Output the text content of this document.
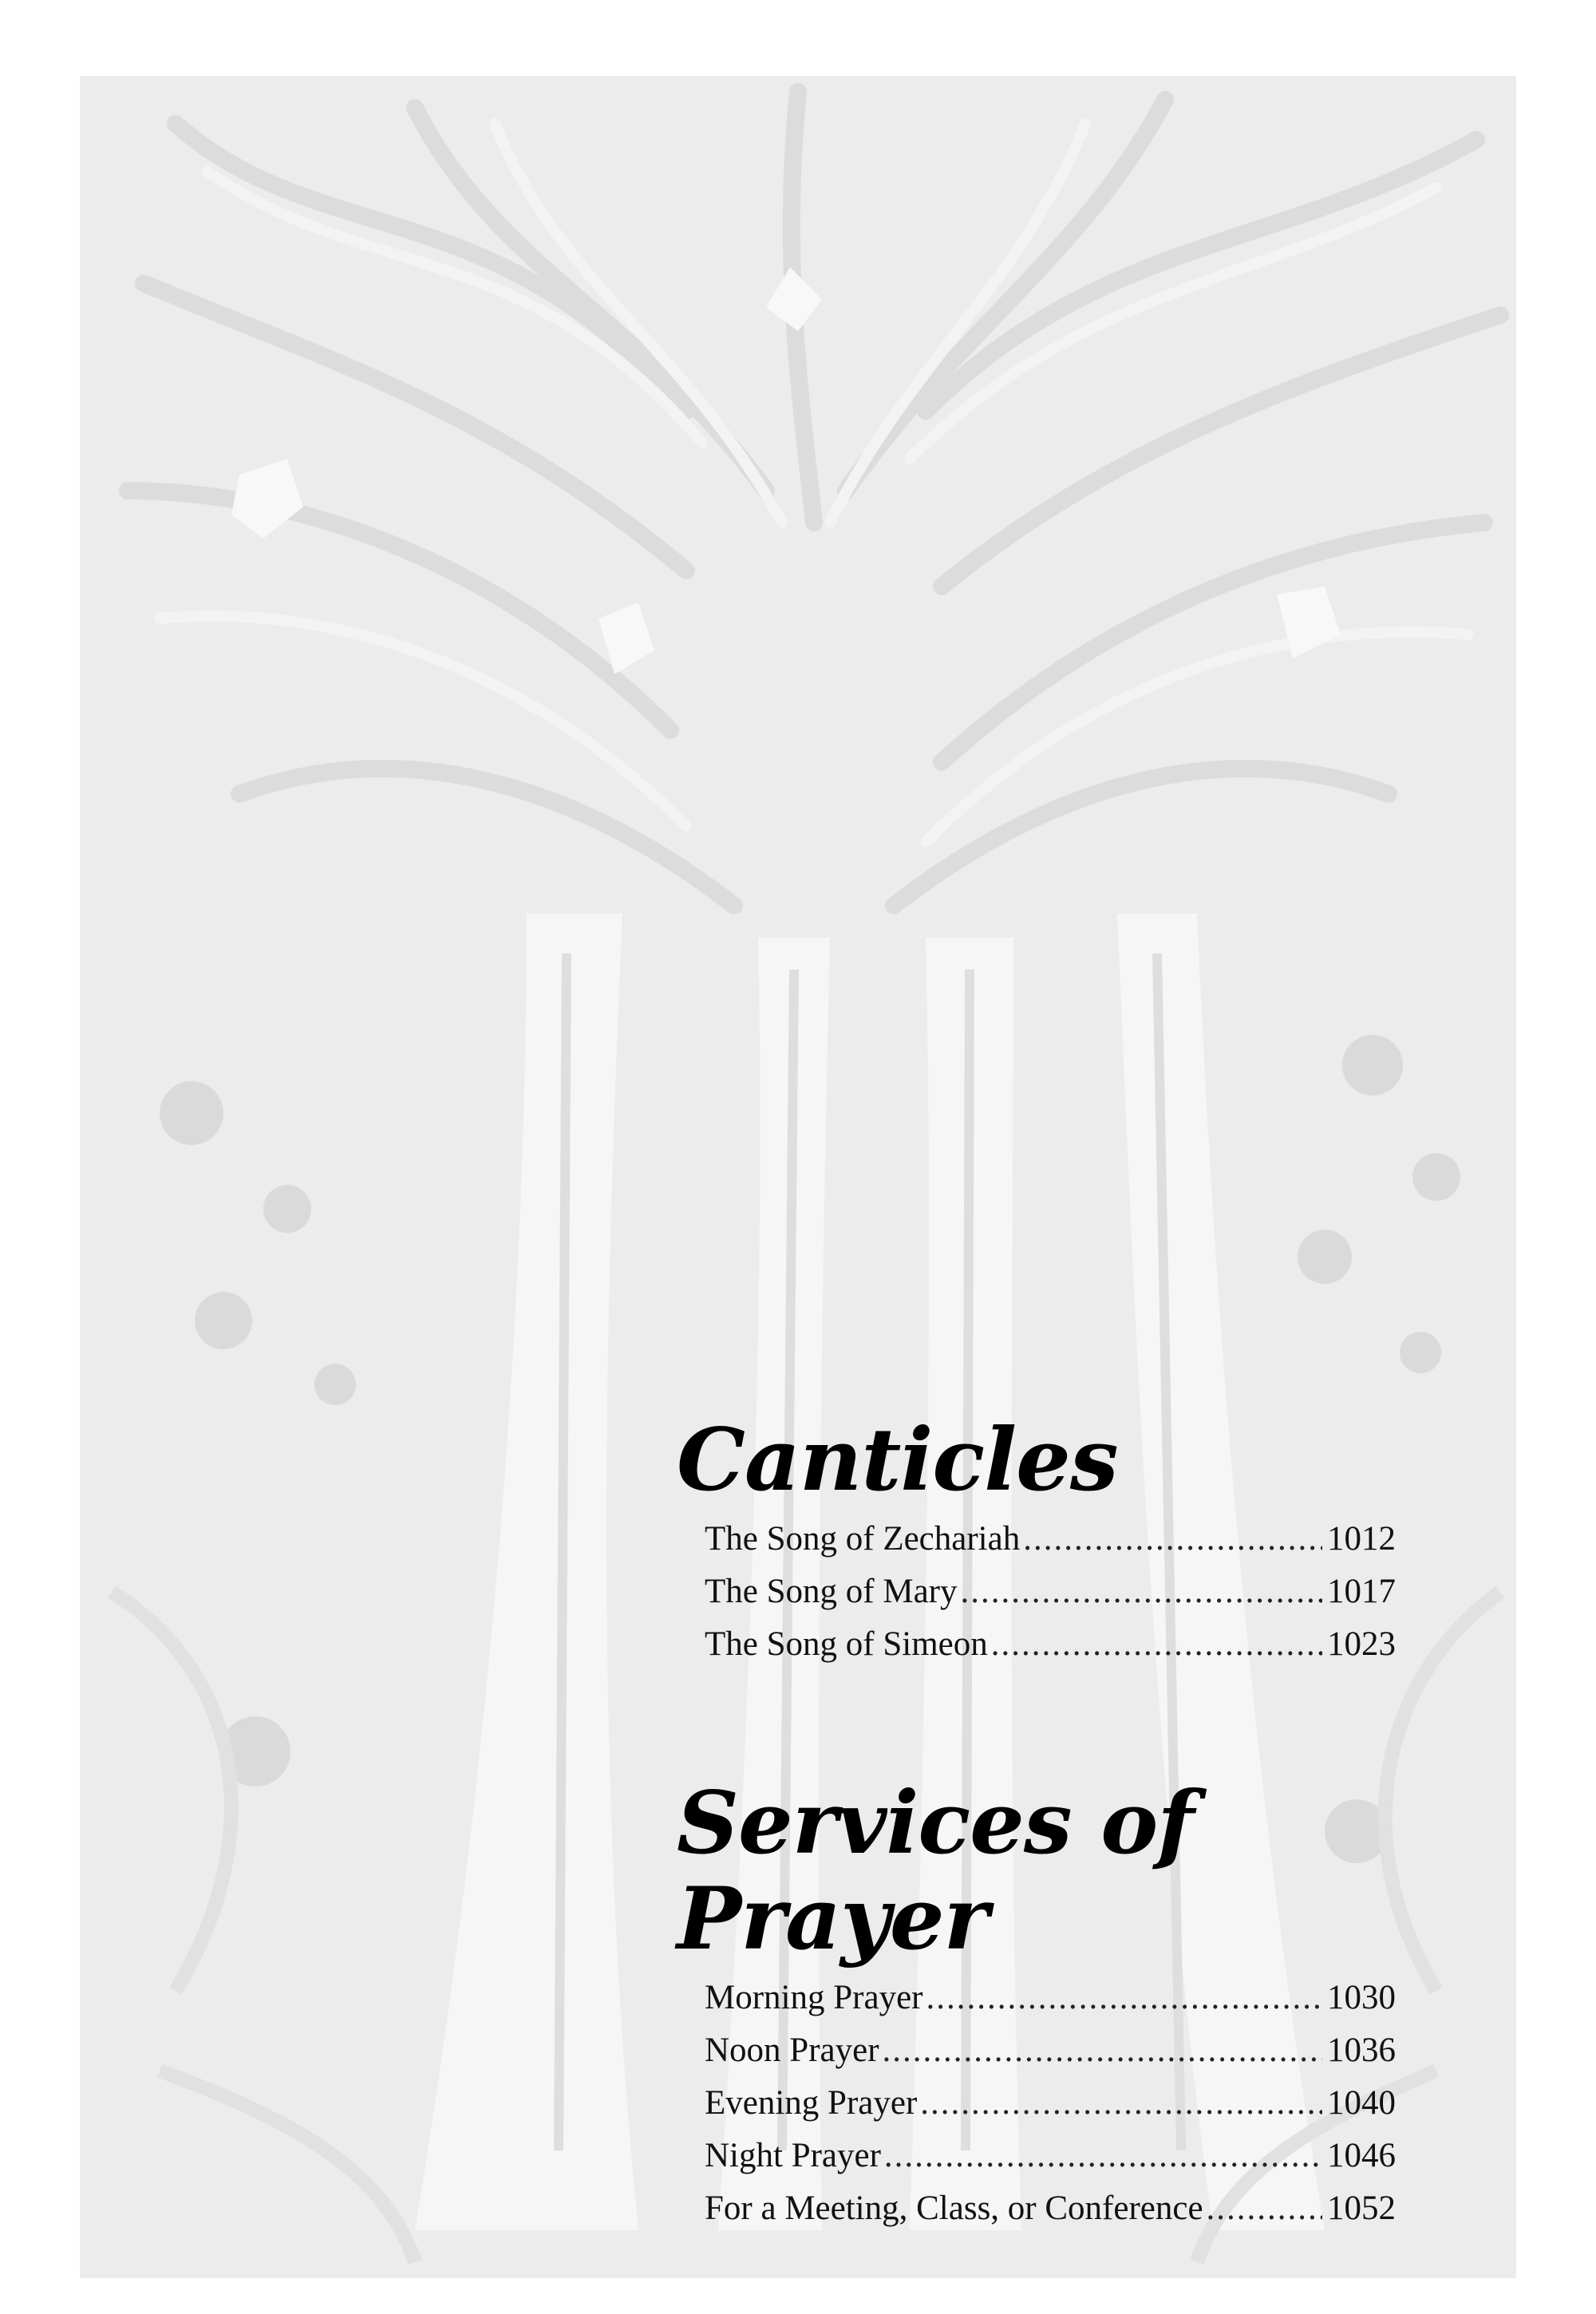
Canticles
The Song of Zechariah .....	1012
The Song of Mary .....	1017
The Song of Simeon .....	1023
Services of Prayer
Morning Prayer .....	1030
Noon Prayer .....	1036
Evening Prayer .....	1040
Night Prayer .....	1046
For a Meeting, Class, or Conference .....	1052
